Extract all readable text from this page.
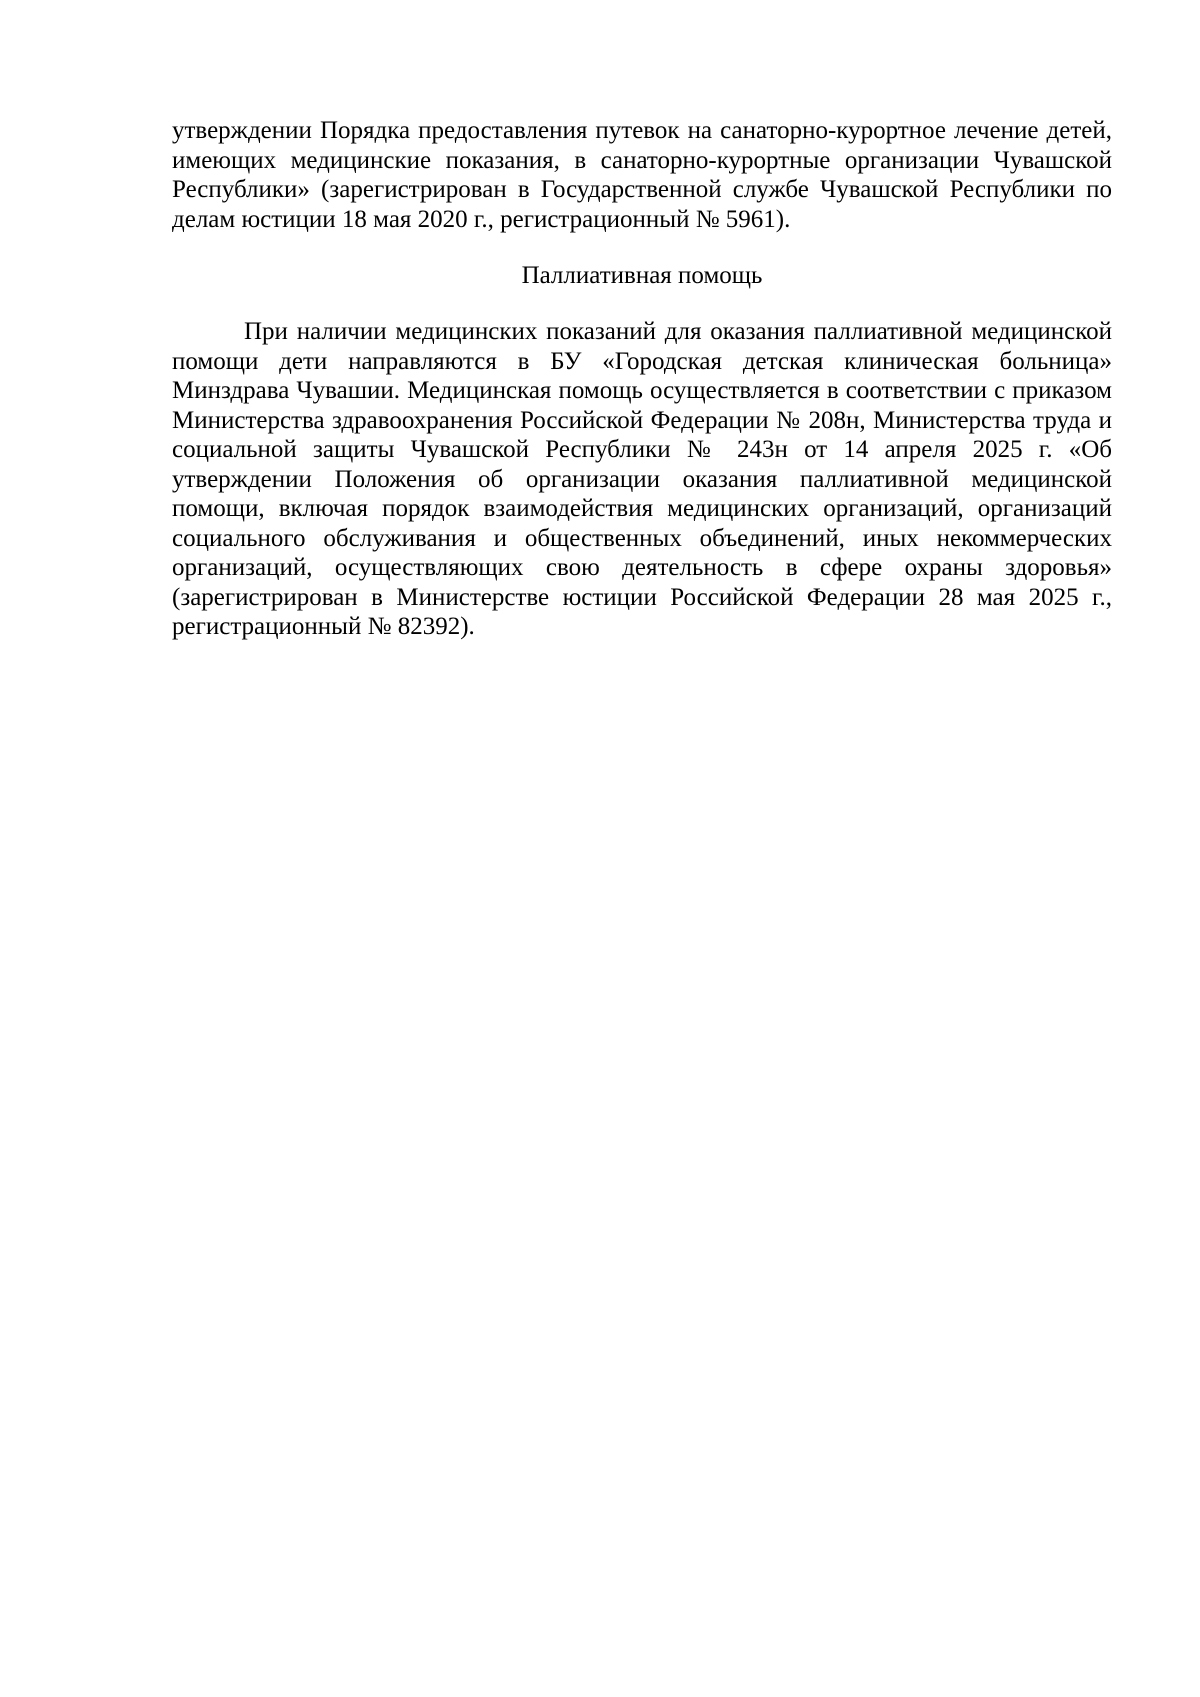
утверждении Порядка предоставления путевок на санаторно-курортное лечение детей, имеющих медицинские показания, в санаторно-курортные организации Чувашской Республики» (зарегистрирован в Государственной службе Чувашской Республики по делам юстиции 18 мая 2020 г., регистрационный № 5961).

Паллиативная помощь

При наличии медицинских показаний для оказания паллиативной медицинской помощи дети направляются в БУ «Городская детская клиническая больница» Минздрава Чувашии. Медицинская помощь осуществляется в соответствии с приказом Министерства здравоохранения Российской Федерации № 208н, Министерства труда и социальной защиты Чувашской Республики № 243н от 14 апреля 2025 г. «Об утверждении Положения об организации оказания паллиативной медицинской помощи, включая порядок взаимодействия медицинских организаций, организаций социального обслуживания и общественных объединений, иных некоммерческих организаций, осуществляющих свою деятельность в сфере охраны здоровья» (зарегистрирован в Министерстве юстиции Российской Федерации 28 мая 2025 г., регистрационный № 82392).
